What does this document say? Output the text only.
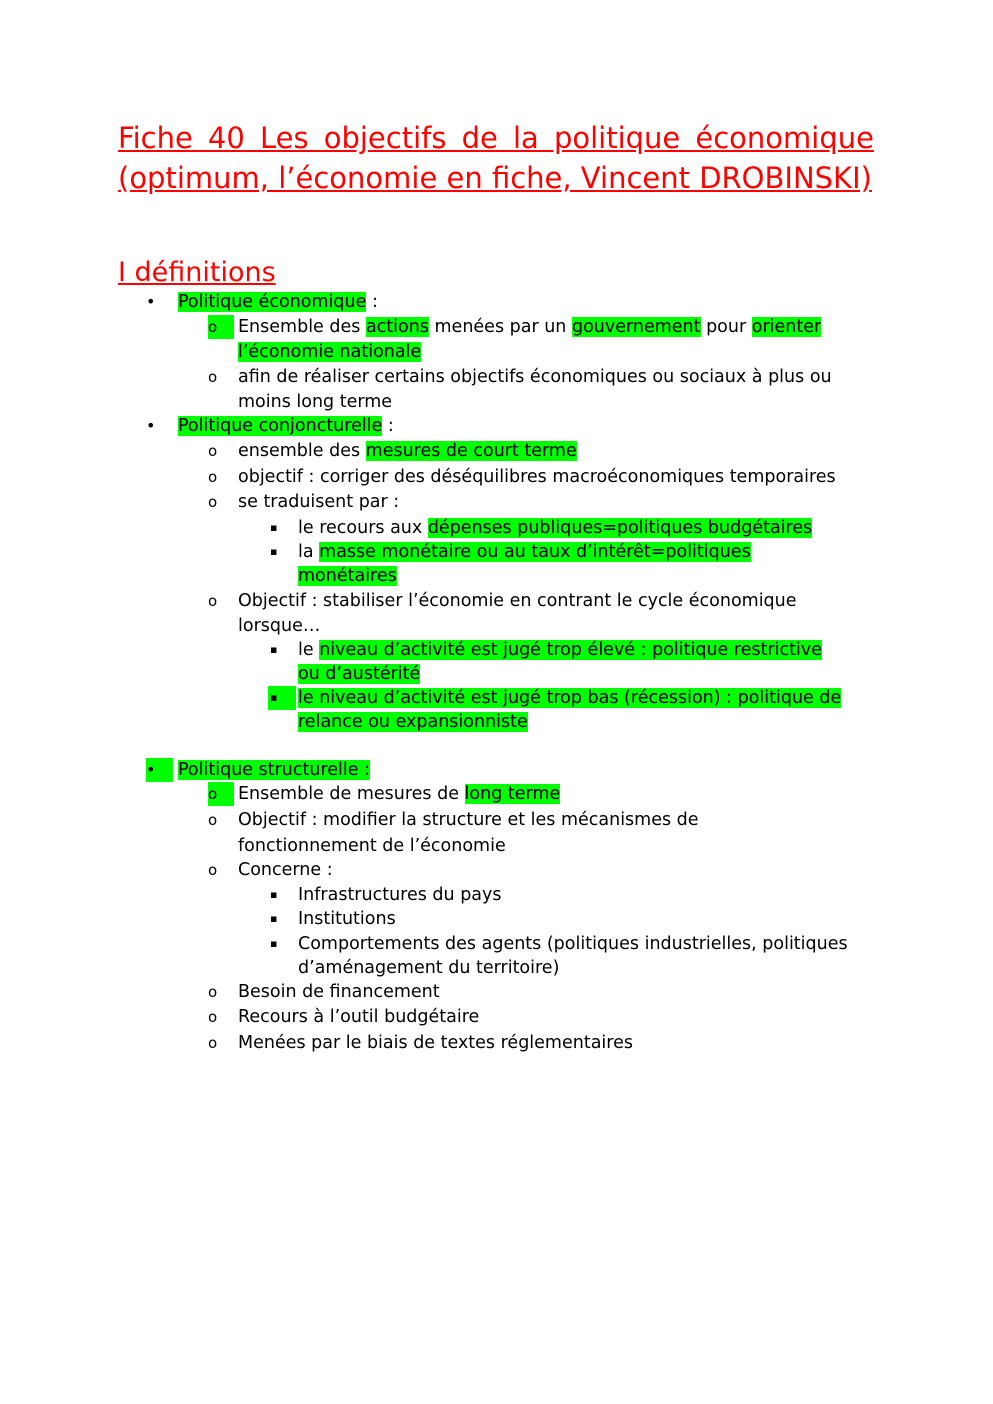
Fiche 40 Les objectifs de la politique économique (optimum, l’économie en fiche, Vincent DROBINSKI)
I définitions
• Politique économique :
o	Ensemble des actions menées par un gouvernement pour orienter
l’économie nationale
o afin de réaliser certains objectifs économiques ou sociaux à plus ou
moins long terme
• Politique conjoncturelle :
o ensemble des mesures de court terme
o objectif : corriger des déséquilibres macroéconomiques temporaires
o se traduisent par :
▪ le recours aux dépenses publiques=politiques budgétaires
▪ la masse monétaire ou au taux d’intérêt=politiques
monétaires
o Objectif : stabiliser l’économie en contrant le cycle économique
lorsque…
▪ le niveau d’activité est jugé trop élevé : politique restrictive
ou d’austérité
▪	le niveau d’activité est jugé trop bas (récession) : politique de
relance ou expansionniste
•	Politique structurelle :
o	Ensemble de mesures de long terme
o Objectif : modifier la structure et les mécanismes de
fonctionnement de l’économie
o Concerne :
▪ Infrastructures du pays
▪ Institutions
▪ Comportements des agents (politiques industrielles, politiques
d’aménagement du territoire)
o Besoin de financement
o Recours à l’outil budgétaire
o Menées par le biais de textes réglementaires
